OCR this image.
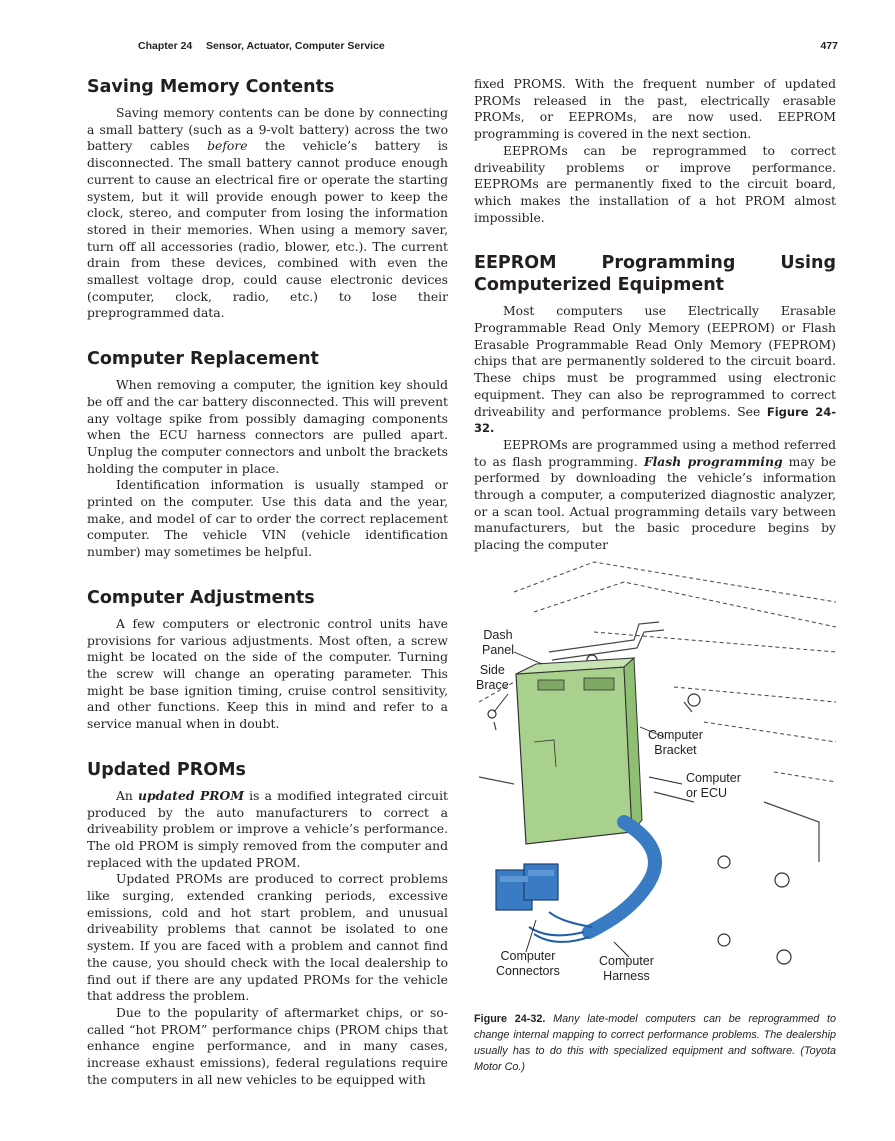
Chapter 24 Sensor, Actuator, Computer Service	477
Saving Memory Contents

Saving memory contents can be done by connecting a small battery (such as a 9-volt battery) across the two battery cables before the vehicle’s battery is disconnected. The small battery cannot produce enough current to cause an electrical fire or operate the starting system, but it will provide enough power to keep the clock, stereo, and computer from losing the information stored in their memories. When using a memory saver, turn off all accessories (radio, blower, etc.). The current drain from these devices, combined with even the smallest voltage drop, could cause electronic devices (computer, clock, radio, etc.) to lose their preprogrammed data.

Computer Replacement

When removing a computer, the ignition key should be off and the car battery disconnected. This will prevent any voltage spike from possibly damaging components when the ECU harness connectors are pulled apart. Unplug the computer connectors and unbolt the brackets holding the computer in place.

Identification information is usually stamped or printed on the computer. Use this data and the year, make, and model of car to order the correct replacement computer. The vehicle VIN (vehicle identification number) may sometimes be helpful.

Computer Adjustments

A few computers or electronic control units have provisions for various adjustments. Most often, a screw might be located on the side of the computer. Turning the screw will change an operating parameter. This might be base ignition timing, cruise control sensitivity, and other functions. Keep this in mind and refer to a service manual when in doubt.

Updated PROMs

An updated PROM is a modified integrated circuit produced by the auto manufacturers to correct a driveability problem or improve a vehicle’s performance. The old PROM is simply removed from the computer and replaced with the updated PROM.

Updated PROMs are produced to correct problems like surging, extended cranking periods, excessive emissions, cold and hot start problem, and unusual driveability problems that cannot be isolated to one system. If you are faced with a problem and cannot find the cause, you should check with the local dealership to find out if there are any updated PROMs for the vehicle that address the problem.

Due to the popularity of aftermarket chips, or so-called “hot PROM” performance chips (PROM chips that enhance engine performance, and in many cases, increase exhaust emissions), federal regulations require the computers in all new vehicles to be equipped with

fixed PROMS. With the frequent number of updated PROMs released in the past, electrically erasable PROMs, or EEPROMs, are now used. EEPROM programming is covered in the next section.

EEPROMs can be reprogrammed to correct driveability problems or improve performance. EEPROMs are permanently fixed to the circuit board, which makes the installation of a hot PROM almost impossible.

EEPROM Programming Using Computerized Equipment

Most computers use Electrically Erasable Programmable Read Only Memory (EEPROM) or Flash Erasable Programmable Read Only Memory (FEPROM) chips that are permanently soldered to the circuit board. These chips must be programmed using electronic equipment. They can also be reprogrammed to correct driveability and performance problems. See Figure 24-32.

EEPROMs are programmed using a method referred to as flash programming. Flash programming may be performed by downloading the vehicle’s information through a computer, a computerized diagnostic analyzer, or a scan tool. Actual programming details vary between manufacturers, but the basic procedure begins by placing the computer

Dash
Panel
Side
Brace
Computer
Bracket
Computer
or ECU
Computer
Connectors
Computer
Harness
Figure 24-32. Many late-model computers can be reprogrammed to change internal mapping to correct performance problems. The dealership usually has to do this with specialized equipment and software. (Toyota Motor Co.)
